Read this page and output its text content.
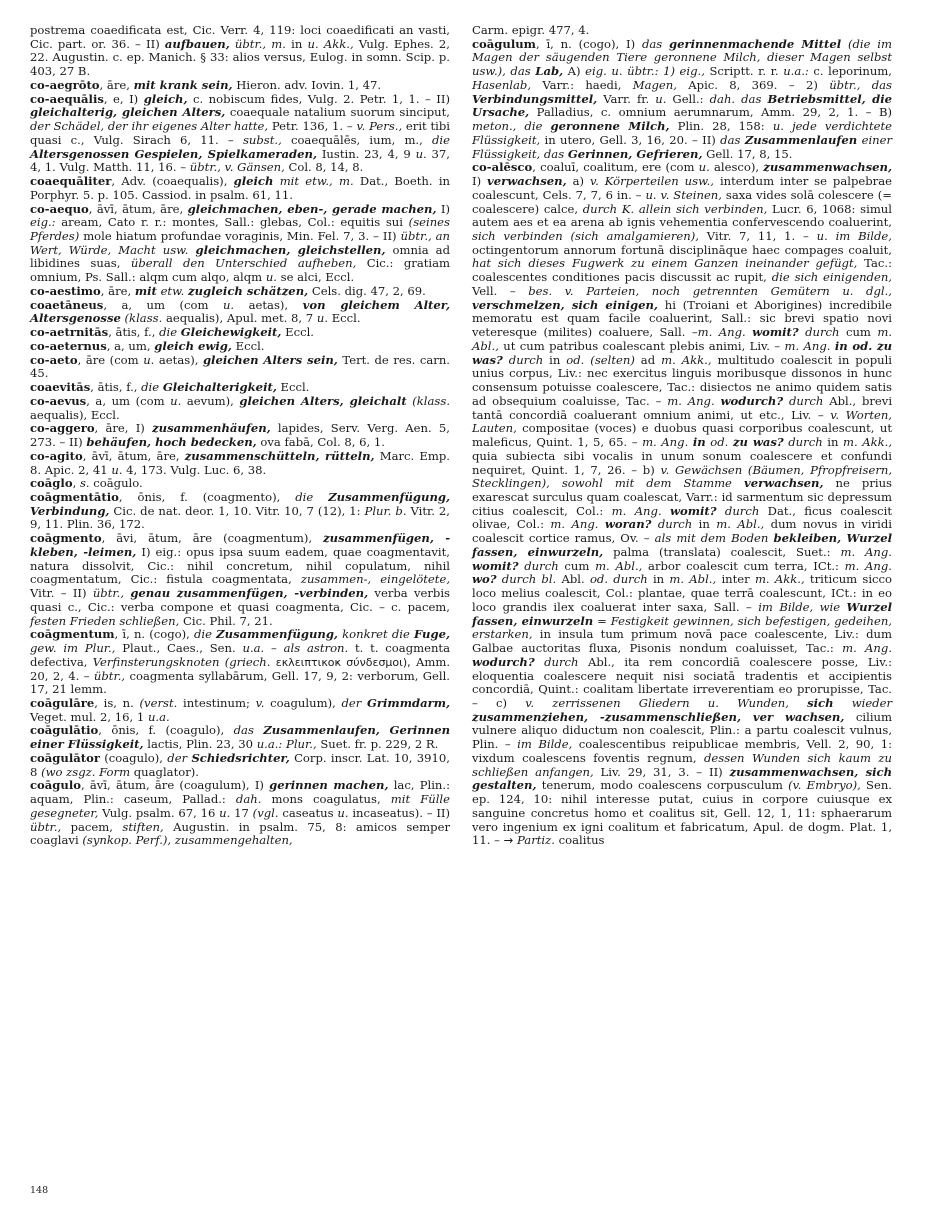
postrema coaedificata est, Cic. Verr. 4, 119: loci coaedificati an vasti, Cic. part. or. 36. – II) aufbauen, übtr., m. in u. Akk., Vulg. Ephes. 2, 22. Augustin. c. ep. Manich. § 33: alios versus, Eulog. in somn. Scip. p. 403, 27 B.

co-aegrōto, āre, mit krank sein, Hieron. adv. Iovin. 1, 47.

co-aequālis, e, I) gleich, c. nobiscum fides, Vulg. 2. Petr. 1, 1. – II) gleichalterig, gleichen Alters, coaequale natalium suorum sinciput, der Schädel, der ihr eigenes Alter hatte, Petr. 136, 1. – v. Pers., erit tibi quasi c., Vulg. Sirach 6, 11. – subst., coaequālēs, ium, m., die Altersgenossen Gespielen, Spielkameraden, Iustin. 23, 4, 9 u. 37, 4, 1. Vulg. Matth. 11, 16. – übtr., v. Gänsen, Col. 8, 14, 8.

coaequāliter, Adv. (coaequalis), gleich mit etw., m. Dat., Boeth. in Porphyr. 5. p. 105. Cassiod. in psalm. 61, 11.

co-aequo, āvī, ātum, āre, gleichmachen, eben-, gerade machen, I) eig.: aream, Cato r. r.: montes, Sall.: glebas, Col.: equitis sui (seines Pferdes) mole hiatum profundae voraginis, Min. Fel. 7, 3. – II) übtr., an Wert, Würde, Macht usw. gleichmachen, gleichstellen, omnia ad libidines suas, überall den Unterschied aufheben, Cic.: gratiam omnium, Ps. Sall.: alqm cum alqo, alqm u. se alci, Eccl.

co-aestimo, āre, mit etw. zugleich schätzen, Cels. dig. 47, 2, 69.

coaetāneus, a, um (com u. aetas), von gleichem Alter, Altersgenosse (klass. aequalis), Apul. met. 8, 7 u. Eccl.

co-aetrnitās, ātis, f., die Gleichewigkeit, Eccl.

co-aeternus, a, um, gleich ewig, Eccl.

co-aeto, āre (com u. aetas), gleichen Alters sein, Tert. de res. carn. 45.

coaevitās, ātis, f., die Gleichalterigkeit, Eccl.

co-aevus, a, um (com u. aevum), gleichen Alters, gleichalt (klass. aequalis), Eccl.

co-aggero, āre, I) zusammenhäufen, lapides, Serv. Verg. Aen. 5, 273. – II) behäufen, hoch bedecken, ova fabā, Col. 8, 6, 1.

co-agito, āvī, ātum, āre, zusammenschütteln, rütteln, Marc. Emp. 8. Apic. 2, 41 u. 4, 173. Vulg. Luc. 6, 38.

coāglo, s. coāgulo.

coāgmentātio, ōnis, f. (coagmento), die Zusammenfügung, Verbindung, Cic. de nat. deor. 1, 10. Vitr. 10, 7 (12), 1: Plur. b. Vitr. 2, 9, 11. Plin. 36, 172.

coāgmento, āvi, ātum, āre (coagmentum), zusammenfügen, -kleben, -leimen, I) eig.: opus ipsa suum eadem, quae coagmentavit, natura dissolvit, Cic.: nihil concretum, nihil copulatum, nihil coagmentatum, Cic.: fistula coagmentata, zusammen-, eingelötete, Vitr. – II) übtr., genau zusammenfügen, -verbinden, verba verbis quasi c., Cic.: verba compone et quasi coagmenta, Cic. – c. pacem, festen Frieden schließen, Cic. Phil. 7, 21.

coāgmentum, ī, n. (cogo), die Zusammenfügung, konkret die Fuge, gew. im Plur., Plaut., Caes., Sen. u.a. – als astron. t. t. coagmenta defectiva, Verfinsterungsknoten (griech. εκλειπτικοҝ σύνδεσμοι), Amm. 20, 2, 4. – übtr., coagmenta syllabārum, Gell. 17, 9, 2: verborum, Gell. 17, 21 lemm.

coāgulāre, is, n. (verst. intestinum; v. coagulum), der Grimmdarm, Veget. mul. 2, 16, 1 u.a.

coāgulātio, ōnis, f. (coagulo), das Zusammenlaufen, Gerinnen einer Flüssigkeit, lactis, Plin. 23, 30 u.a.: Plur., Suet. fr. p. 229, 2 R.

coāgulātor (coagulo), der Schiedsrichter, Corp. inscr. Lat. 10, 3910, 8 (wo zsgz. Form quaglator).

coāgulo, āvī, ātum, āre (coagulum), I) gerinnen machen, lac, Plin.: aquam, Plin.: caseum, Pallad.: dah. mons coagulatus, mit Fülle gesegneter, Vulg. psalm. 67, 16 u. 17 (vgl. caseatus u. incaseatus). – II) übtr., pacem, stiften, Augustin. in psalm. 75, 8: amicos semper coaglavi (synkop. Perf.), zusammengehalten,

Carm. epigr. 477, 4.

coāgulum, ī, n. (cogo), I) das gerinnenmachende Mittel (die im Magen der säugenden Tiere geronnene Milch, dieser Magen selbst usw.), das Lab, A) eig. u. übtr.: 1) eig., Scriptt. r. r. u.a.: c. leporinum, Hasenlab, Varr.: haedi, Magen, Apic. 8, 369. – 2) übtr., das Verbindungsmittel, Varr. fr. u. Gell.: dah. das Betriebsmittel, die Ursache, Palladius, c. omnium aerumnarum, Amm. 29, 2, 1. – B) meton., die geronnene Milch, Plin. 28, 158: u. jede verdichtete Flüssigkeit, in utero, Gell. 3, 16, 20. – II) das Zusammenlaufen einer Flüssigkeit, das Gerinnen, Gefrieren, Gell. 17, 8, 15.

co-alēsco, coaluī, coalitum, ere (com u. alesco), zusammenwachsen, I) verwachsen, a) v. Körperteilen usw., interdum inter se palpebrae coalescunt, Cels. 7, 7, 6 in. – u. v. Steinen, saxa vides solā colescere (= coalescere) calce, durch K. allein sich verbinden, Lucr. 6, 1068: simul autem aes et ea arena ab ignis vehementia confervescendo coaluerint, sich verbinden (sich amalgamieren), Vitr. 7, 11, 1. – u. im Bilde, octingentorum annorum fortunā disciplināque haec compages coaluit, hat sich dieses Fugwerk zu einem Ganzen ineinander gefügt, Tac.: coalescentes conditiones pacis discussit ac rupit, die sich einigenden, Vell. – bes. v. Parteien, noch getrennten Gemütern u. dgl., verschmelzen, sich einigen, hi (Troiani et Aborigines) incredibile memoratu est quam facile coaluerint, Sall.: sic brevi spatio novi veteresque (milites) coaluere, Sall. –m. Ang. womit? durch cum m. Abl., ut cum patribus coalescant plebis animi, Liv. – m. Ang. in od. zu was? durch in od. (selten) ad m. Akk., multitudo coalescit in populi unius corpus, Liv.: nec exercitus linguis moribusque dissonos in hunc consensum potuisse coalescere, Tac.: disiectos ne animo quidem satis ad obsequium coaluisse, Tac. – m. Ang. wodurch? durch Abl., brevi tantā concordiā coaluerant omnium animi, ut etc., Liv. – v. Worten, Lauten, compositae (voces) e duobus quasi corporibus coalescunt, ut maleficus, Quint. 1, 5, 65. – m. Ang. in od. zu was? durch in m. Akk., quia subiecta sibi vocalis in unum sonum coalescere et confundi nequiret, Quint. 1, 7, 26. – b) v. Gewächsen (Bäumen, Pfropfreisern, Stecklingen), sowohl mit dem Stamme verwachsen, ne prius exarescat surculus quam coalescat, Varr.: id sarmentum sic depressum citius coalescit, Col.: m. Ang. womit? durch Dat., ficus coalescit olivae, Col.: m. Ang. woran? durch in m. Abl., dum novus in viridi coalescit cortice ramus, Ov. – als mit dem Boden bekleiben, Wurzel fassen, einwurzeln, palma (translata) coalescit, Suet.: m. Ang. womit? durch cum m. Abl., arbor coalescit cum terra, ICt.: m. Ang. wo? durch bl. Abl. od. durch in m. Abl., inter m. Akk., triticum sicco loco melius coalescit, Col.: plantae, quae terrā coalescunt, ICt.: in eo loco grandis ilex coaluerat inter saxa, Sall. – im Bilde, wie Wurzel fassen, einwurzeln = Festigkeit gewinnen, sich befestigen, gedeihen, erstarken, in insula tum primum novā pace coalescente, Liv.: dum Galbae auctoritas fluxa, Pisonis nondum coaluisset, Tac.: m. Ang. wodurch? durch Abl., ita rem concordiā coalescere posse, Liv.: eloquentia coalescere nequit nisi sociatā tradentis et accipientis concordiā, Quint.: coalitam libertate irreverentiam eo prorupisse, Tac. – c) v. zerrissenen Gliedern u. Wunden, sich wieder zusammenziehen, -zusammenschließen, ver wachsen, cilium vulnere aliquo diductum non coalescit, Plin.: a partu coalescit vulnus, Plin. – im Bilde, coalescentibus reipublicae membris, Vell. 2, 90, 1: vixdum coalescens foventis regnum, dessen Wunden sich kaum zu schließen anfangen, Liv. 29, 31, 3. – II) zusammenwachsen, sich gestalten, tenerum, modo coalescens corpusculum (v. Embryo), Sen. ep. 124, 10: nihil interesse putat, cuius in corpore cuiusque ex sanguine concretus homo et coalitus sit, Gell. 12, 1, 11: sphaerarum vero ingenium ex igni coalitum et fabricatum, Apul. de dogm. Plat. 1, 11. – → Partiz. coalitus

148
